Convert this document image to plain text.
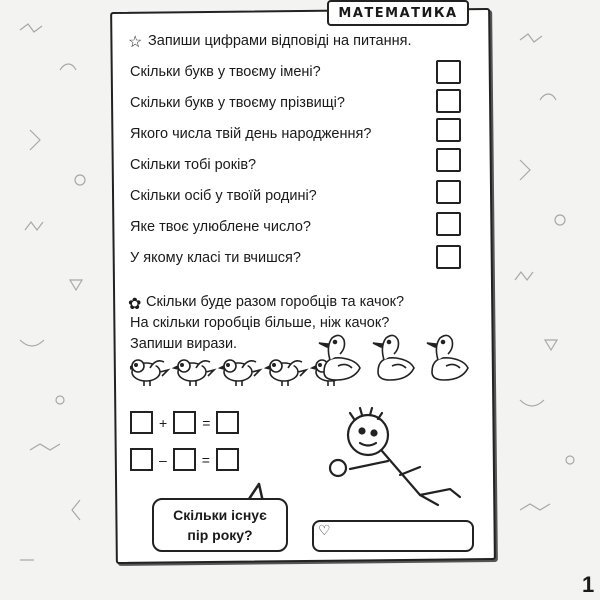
МАТЕМАТИКА
☆ Запиши цифрами відповіді на питання.
Скільки букв у твоєму імені?
Скільки букв у твоєму прізвищі?
Якого числа твій день народження?
Скільки тобі років?
Скільки осіб у твоїй родині?
Яке твоє улюблене число?
У якому класі ти вчишся?
✿ Скільки буде разом горобців та качок?
На скільки горобців більше, ніж качок?
Запиши вирази.
+	=
–	=
Скільки існує
пір року?	♡
1
